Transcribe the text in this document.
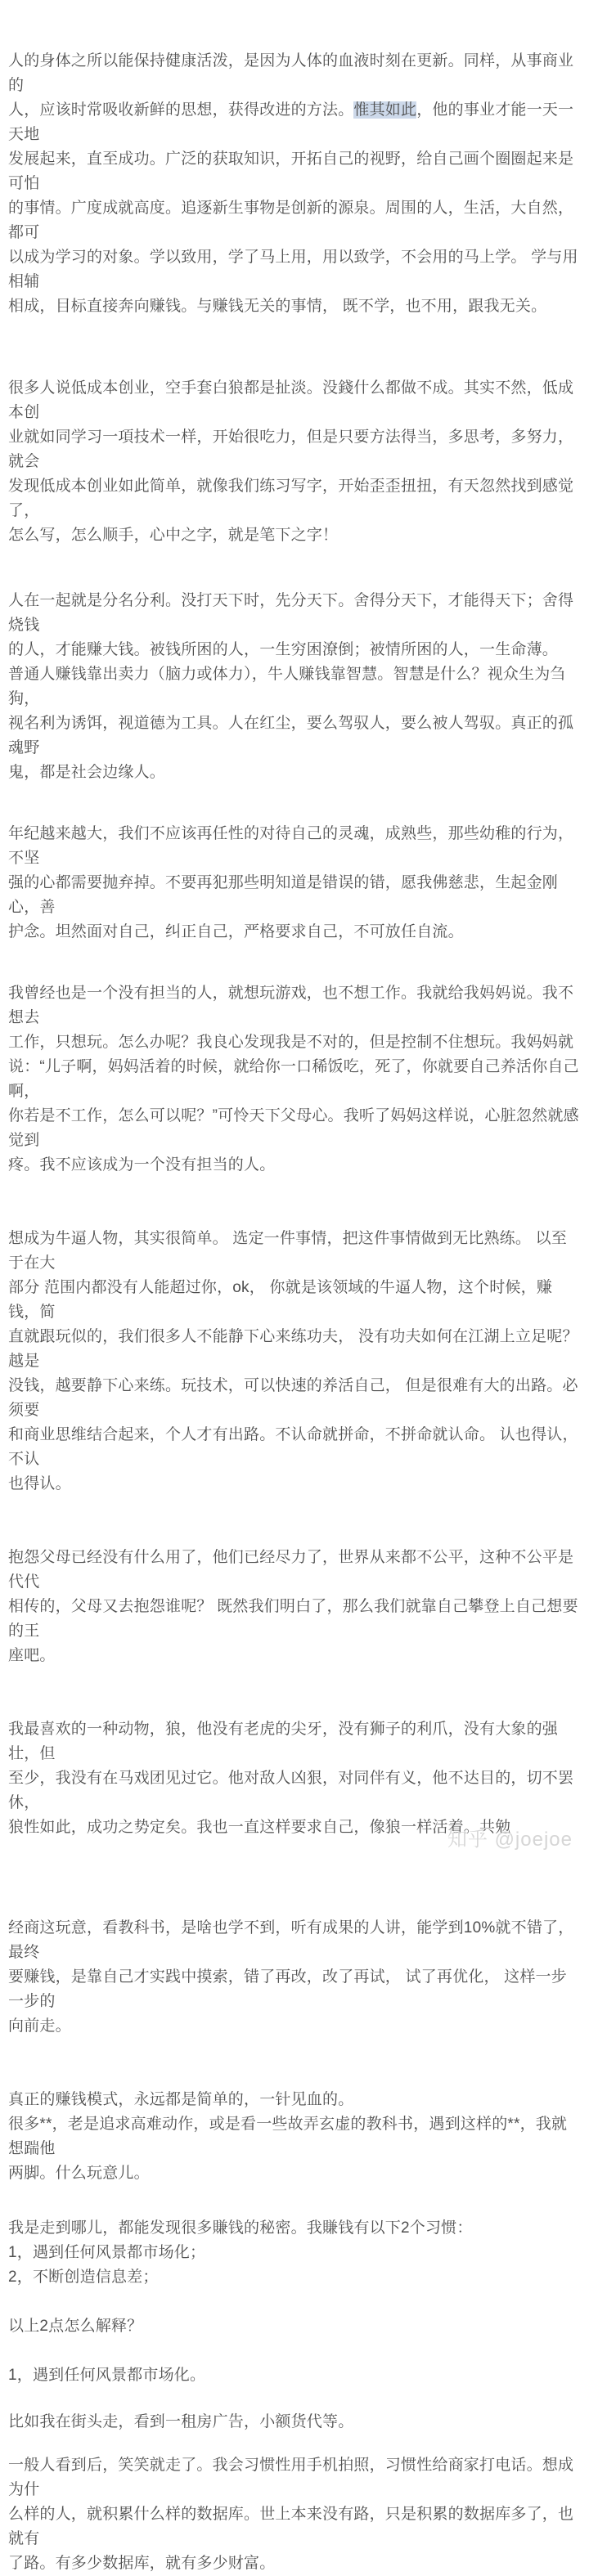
人的身体之所以能保持健康活泼，是因为人体的血液时刻在更新。同样，从事商业的
人，应该时常吸收新鲜的思想，获得改进的方法。惟其如此，他的事业才能一天一天地
发展起来，直至成功。广泛的获取知识，开拓自己的视野，给自己画个圈圈起来是可怕
的事情。广度成就高度。追逐新生事物是创新的源泉。周围的人，生活，大自然，都可
以成为学习的对象。学以致用，学了马上用，用以致学，不会用的马上学。 学与用相辅
相成，目标直接奔向赚钱。与赚钱无关的事情， 既不学，也不用，跟我无关。

很多人说低成本创业，空手套白狼都是扯淡。没錢什么都做不成。其实不然，低成本创
业就如同学习一項技术一样，开始很吃力，但是只要方法得当，多思考，多努力，就会
发现低成本创业如此简单，就像我们练习写字，开始歪歪扭扭，有天忽然找到感觉了，
怎么写，怎么顺手，心中之字，就是笔下之字！

人在一起就是分名分利。没打天下时，先分天下。舍得分天下，才能得天下；舍得烧钱
的人，才能赚大钱。被钱所困的人，一生穷困潦倒；被情所困的人，一生命薄。
普通人赚钱靠出卖力（脑力或体力），牛人赚钱靠智慧。智慧是什么？视众生为刍狗，
视名利为诱饵，视道德为工具。人在红尘，要么驾驭人，要么被人驾驭。真正的孤魂野
鬼，都是社会边缘人。

年纪越来越大，我们不应该再任性的对待自己的灵魂，成熟些，那些幼稚的行为，不坚
强的心都需要抛弃掉。不要再犯那些明知道是错误的错，愿我佛慈悲，生起金刚心，善
护念。坦然面对自己，纠正自己，严格要求自己，不可放任自流。

我曾经也是一个没有担当的人，就想玩游戏，也不想工作。我就给我妈妈说。我不想去
工作，只想玩。怎么办呢？我良心发现我是不对的，但是控制不住想玩。我妈妈就
说：“儿子啊，妈妈活着的时候，就给你一口稀饭吃，死了，你就要自己养活你自己啊，
你若是不工作，怎么可以呢？”可怜天下父母心。我听了妈妈这样说，心脏忽然就感觉到
疼。我不应该成为一个没有担当的人。

想成为牛逼人物，其实很简单。 选定一件事情，把这件事情做到无比熟练。 以至于在大
部分 范围内都没有人能超过你，ok， 你就是该领域的牛逼人物，这个时候，赚钱，简
直就跟玩似的，我们很多人不能静下心来练功夫， 没有功夫如何在江湖上立足呢？越是
没钱，越要静下心来练。玩技术，可以快速的养活自己， 但是很难有大的出路。必须要
和商业思维结合起来，个人才有出路。不认命就拼命，不拼命就认命。 认也得认，不认
也得认。

抱怨父母已经没有什么用了，他们已经尽力了，世界从来都不公平，这种不公平是代代
相传的，父母又去抱怨谁呢？ 既然我们明白了，那么我们就靠自己攀登上自己想要的王
座吧。

我最喜欢的一种动物，狼，他没有老虎的尖牙，没有狮子的利爪，没有大象的强壮，但
至少，我没有在马戏团见过它。他对敌人凶狠，对同伴有义，他不达目的，切不罢休，
狼性如此，成功之势定矣。我也一直这样要求自己，像狼一样活着。共勉

经商这玩意，看教科书，是啥也学不到，听有成果的人讲，能学到10%就不错了， 最终
要赚钱，是靠自己才实践中摸索，错了再改，改了再试， 试了再优化， 这样一步一步的
向前走。

真正的赚钱模式，永远都是简单的，一针见血的。
很多**，老是追求高难动作，或是看一些故弄玄虚的教科书，遇到这样的**，我就想踹他
两脚。什么玩意儿。

我是走到哪儿，都能发现很多賺钱的秘密。我賺钱有以下2个习惯：
1，遇到任何风景都市场化；
2，不断创造信息差；

以上2点怎么解释？

1，遇到任何风景都市场化。

比如我在街头走，看到一租房广告，小额货代等。

一般人看到后，笑笑就走了。我会习惯性用手机拍照，习惯性给商家打电话。想成为什
么样的人，就积累什么样的数据库。世上本来没有路，只是积累的数据库多了，也就有
了路。有多少数据库，就有多少财富。

知乎 @joejoe
